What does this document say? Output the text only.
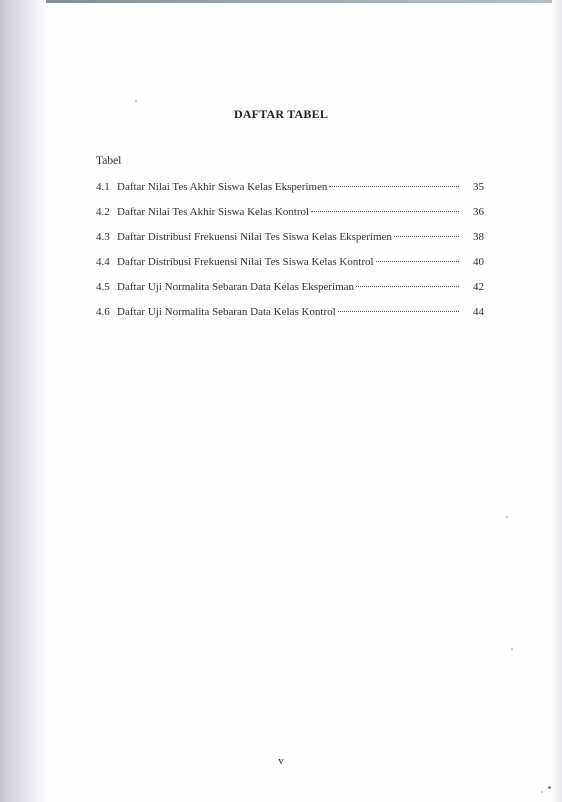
DAFTAR TABEL
Tabel
4.1 Daftar Nilai Tes Akhir Siswa Kelas Eksperimen	35
4.2 Daftar Nilai Tes Akhir Siswa Kelas Kontrol	36
4.3 Daftar Distribusi Frekuensi Nilai Tes Siswa Kelas Eksperimen	38
4.4 Daftar Distribusi Frekuensi Nilai Tes Siswa Kelas Kontrol	40
4.5 Daftar Uji Normalita Sebaran Data Kelas Eksperiman	42
4.6 Daftar Uji Normalita Sebaran Data Kelas Kontrol	44
v
